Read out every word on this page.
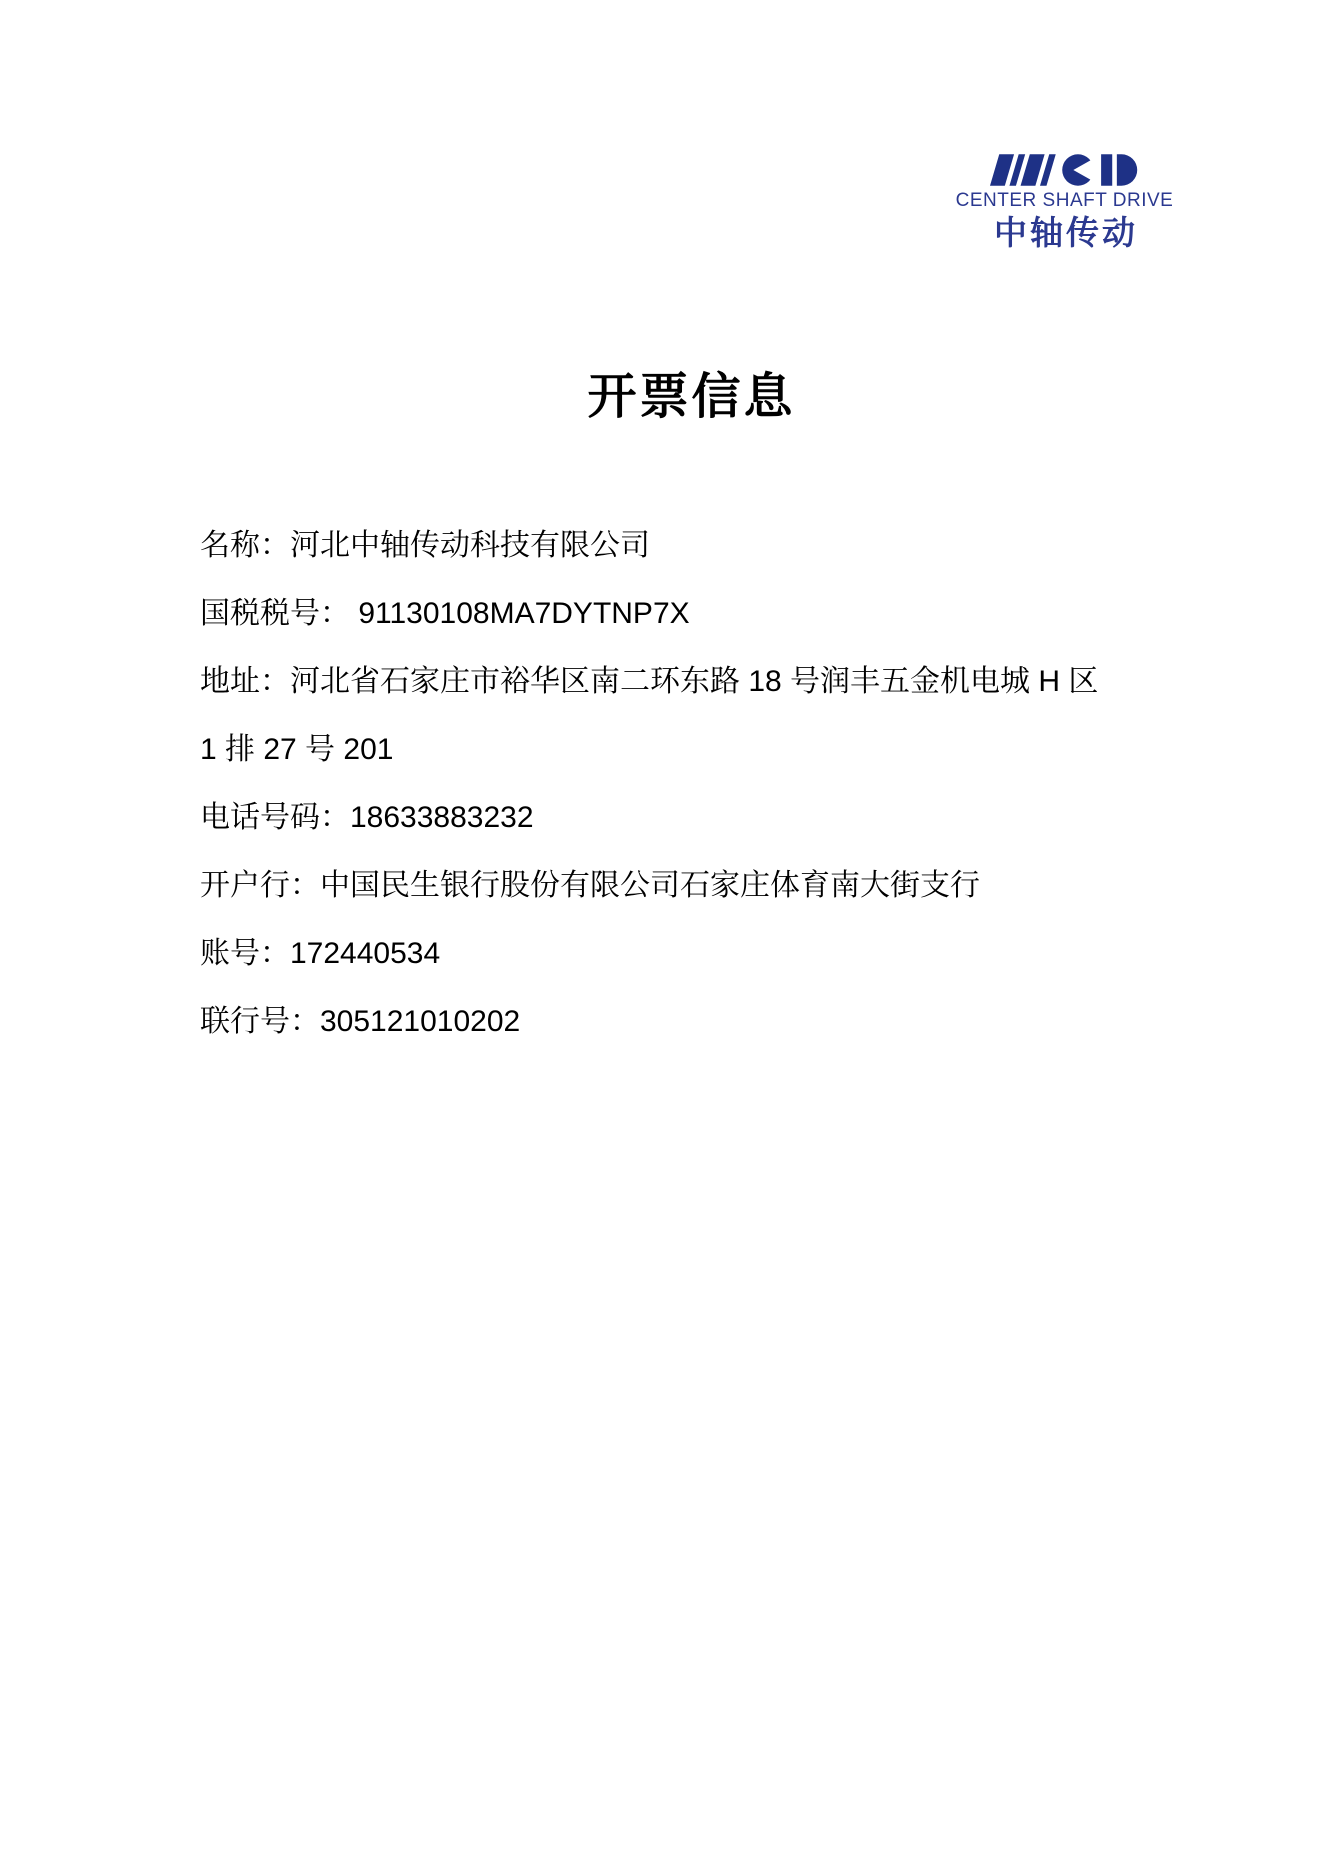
CENTER SHAFT DRIVE
中轴传动
开票信息
名称：河北中轴传动科技有限公司
国税税号： 91130108MA7DYTNP7X
地址：河北省石家庄市裕华区南二环东路 18 号润丰五金机电城 H 区
1 排 27 号 201
电话号码：18633883232
开户行：中国民生银行股份有限公司石家庄体育南大街支行
账号：172440534
联行号：305121010202
